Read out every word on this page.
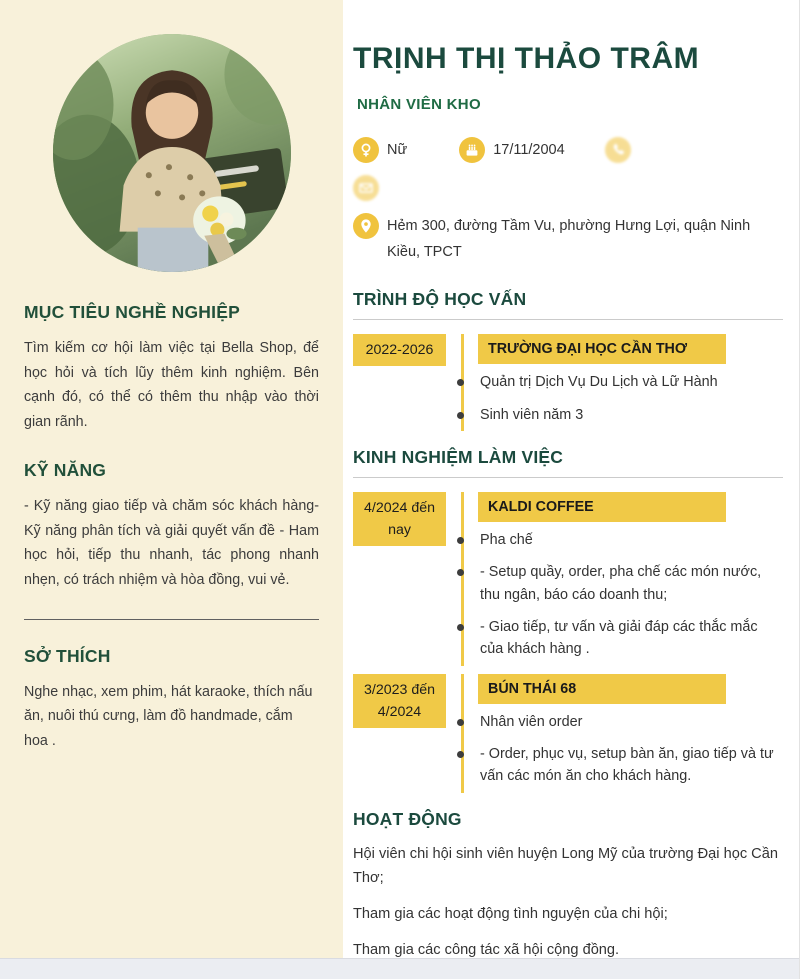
MỤC TIÊU NGHỀ NGHIỆP

Tìm kiếm cơ hội làm việc tại Bella Shop, để học hỏi và tích lũy thêm kinh nghiệm. Bên cạnh đó, có thể có thêm thu nhập vào thời gian rãnh.

KỸ NĂNG

- Kỹ năng giao tiếp và chăm sóc khách hàng- Kỹ năng phân tích và giải quyết vấn đề - Ham học hỏi, tiếp thu nhanh, tác phong nhanh nhẹn, có trách nhiệm và hòa đồng, vui vẻ.

SỞ THÍCH

Nghe nhạc, xem phim, hát karaoke, thích nấu ăn, nuôi thú cưng, làm đồ handmade, cắm hoa .

TRỊNH THỊ THẢO TRÂM
NHÂN VIÊN KHO
Nữ	17/11/2004
Hẻm 300, đường Tầm Vu, phường Hưng Lợi, quận Ninh Kiều, TPCT
TRÌNH ĐỘ HỌC VẤN
2022-2026	TRƯỜNG ĐẠI HỌC CẦN THƠ
Quản trị Dịch Vụ Du Lịch và Lữ Hành
Sinh viên năm 3
KINH NGHIỆM LÀM VIỆC
4/2024 đến nay
KALDI COFFEE
Pha chế
- Setup quầy, order, pha chế các món nước, thu ngân, báo cáo doanh thu;
- Giao tiếp, tư vấn và giải đáp các thắc mắc của khách hàng .
3/2023 đến 4/2024
BÚN THÁI 68
Nhân viên order
- Order, phục vụ, setup bàn ăn, giao tiếp và tư vấn các món ăn cho khách hàng.
HOẠT ĐỘNG

Hội viên chi hội sinh viên huyện Long Mỹ của trường Đại học Cần Thơ;

Tham gia các hoạt động tình nguyện của chi hội;

Tham gia các công tác xã hội cộng đồng.
